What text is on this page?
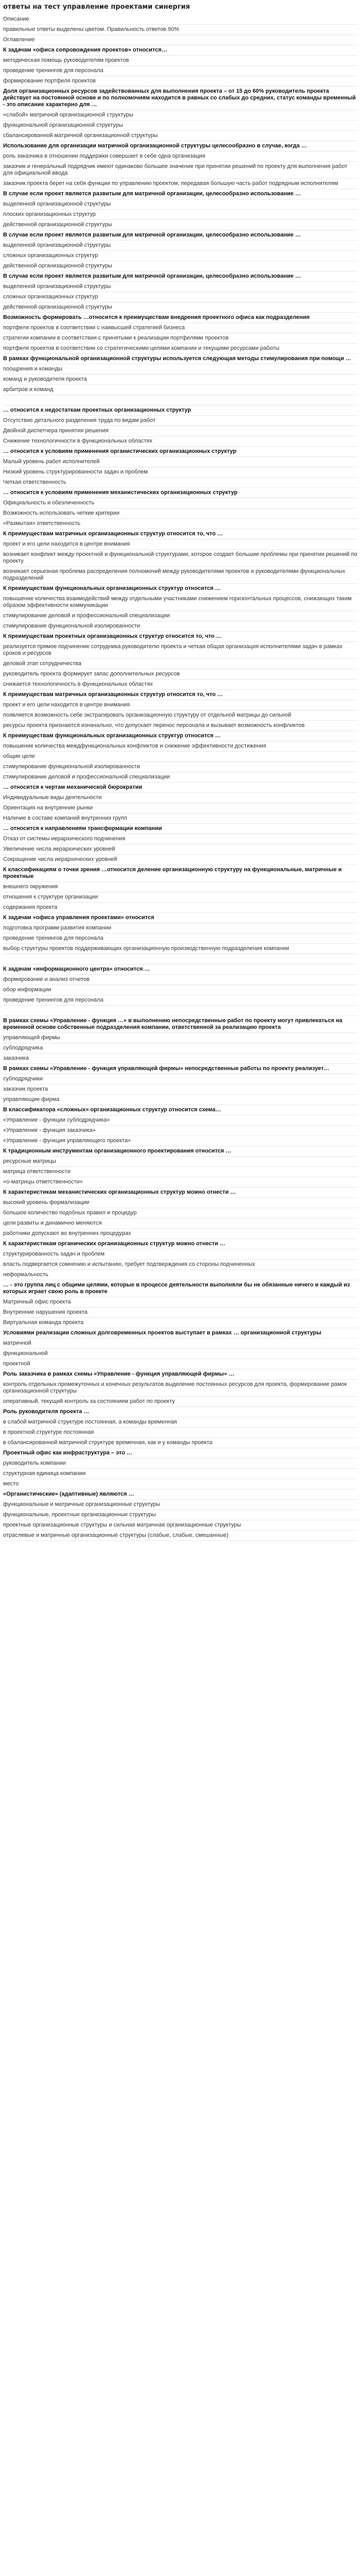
ответы на тест управление проектами синергия
Описание
правильные ответы выделены цветом. Правильность ответов 90%
Оглавление
К задачам «офиса сопровождения проектов» относится…
методическая помощь руководителям проектов
проведение тренингов для персонала
формирование портфеля проектов
Доля организационных ресурсов задействованных для выполнения проекта – от 15 до 60% руководитель проекта действует на постоянной основе и по полномочиям находится в равных со слабых до средних, статус команды временный - это описание характерно для …
«слабой» матричной организационной структуры
функциональной организационной структуры
сбалансированной матричной организационной структуры
Использование для организации матричной организационной структуры целесообразно в случае, когда …
роль заказчика в отношении поддержки совершает в себе одна организация
заказчик и генеральный подрядчик имеют одинаково большее значение при принятии решений по проекту для выполнения работ для официальной ввода
заказчик проекта берет на себя функции по управлению проектом, передавая большую часть работ подрядным исполнителям
В случае если проект является развитым для матричной организации, целесообразно использование …
выделенной организационной структуры
плоских организационных структур
действенной организационной структуры
В случае если проект является развитым для матричной организации, целесообразно использование …
выделенной организационной структуры
сложных организационных структур
действенной организационной структуры
В случае если проект является развитым для матричной организации, целесообразно использование …
выделенной организационной структуры
сложных организационных структур
действенной организационной структуры
Возможность формировать …относится к преимуществам внедрения проектного офиса как подразделения
портфеля проектов в соответствии с наивысшей стратегией бизнеса
стратегии компании в соответствии с принятыми к реализации портфелями проектов
портфеля проектов в соответствии со стратегическими целями компании и текущими ресурсами работы
В рамках функциональной организационной структуры используется следующая методы стимулирования при помощи …
поощрения и команды
команд и руководителя проекта
арбитров и команд

… относится к недостаткам проектных организационных структур
Отсутствие детального разделения труда по видам работ
Двойной диспетчера принятия решения
Снижение технологичности в функциональных областях
… относится к условиям применения органистических организационных структур
Малый уровень работ исполнителей
Низкий уровень структурированности задач и проблем
Четкая ответственность
… относится к условиям применения механистических организационных структур
Официальность и обезличенность
Возможность использовать четкие критерии
«Размытая» ответственность
К преимуществам матричных организационных структур относится то, что …
проект и его цели находится в центре внимания
возникает конфликт между проектной и функциональной структурами, которое создает большие проблемы при принятии решений по проекту
возникает серьезная проблема распределения полномочий между руководителями проектов и руководителями функциональных подразделений
К преимуществам функциональных организационных структур относится …
повышение количества взаимодействий между отдельными участниками снижением горизонтальных процессов, снижающих таким образом эффективности коммуникации
стимулирование деловой и профессиональной специализации
стимулирование функциональной изолированности
К преимуществам проектных организационных структур относится то, что …
реализуется прямое подчинение сотрудника руководителю проекта и четкая общая организация исполнителями задач в рамках сроков и ресурсов
деловой этап сотрудничества
руководитель проекта формирует запас дополнительных ресурсов
снижается технологичность в функциональных областях
К преимуществам матричных организационных структур относится то, что …
проект и его цели находится в центре внимания
появляется возможность себе экстрагировать организационную структуру от отдельной матрицы до сильной
ресурсы проекта признаются изначально, что допускает перенос персонала и вызывает возможность конфликтов
К преимуществам функциональных организационных структур относится …
повышение количества междфункциональных конфликтов и снижение эффективности достижения
общие цели
стимулирование функциональной изолированности
стимулирование деловой и профессиональной специализации
… относится к чертам механической бюрократии
Индивидуальные виды деятельности
Ориентация на внутренние рынки
Наличие в составе компаний внутренних групп
… относится к направлениям трансформации компании
Отказ от системы иерархического подчинения
Увеличение числа иерархических уровней
Сокращение числа иерархических уровней
К классификациям о точки зрения …относится деление организационную структуру на функциональные, матричные и проектные
внешнего окружения
отношения к структуре организации
содержания проекта
К задачам «офиса управления проектами» относится
подготовка программ развития компании
проведение тренингов для персонала
выбор структуры проектов поддерживающих организационную производственную подразделения компании

К задачам «информационного центра» относится …
формирование и анализ отчетов
обор информации
проведение тренингов для персонала

В рамках схемы «Управление - функция …» в выполнению непосредственные работ по проекту могут привлекаться на временной основе собственные подразделения компании, ответственной за реализацию проекта
управляющей фирмы
субподрядчика
заказчика
В рамках схемы «Управление - функция управляющей фирмы» непосредственные работы по проекту реализует…
субподрядчики
заказчик проекта
управляющие фирма
В классификатора «сложных» организационных структур относится схема…
«Управление - функции субподрядчика»
«Управление - функция заказчика»
«Управление - функция управляющего проекта»
К традиционным инструментам организационного проектирования относится …
ресурсные матрицы
матрица ответственности
«о-матрицы ответственности»
К характеристикам механистических организационных структур можно отнести …
высокий уровень формализации
большое количество подобных правил и процедур
цели развиты и динамично меняются
работники допускают во внутренних процедурах
К характеристикам органических организационных структур можно отнести …
структурированность задач и проблем
власть подвергается сомнению и испытанию, требует подтверждения со стороны подчиненных
неформальность
… - это группа лиц с общими целями, которые в процессе деятельности выполняли бы не обязанные ничего и каждый из которых играет свою роль в проекте
Матричный офис проекта
Внутренние нарушения проекта
Виртуальная команда проекта
Условиями реализации сложных долговременных проектов выступает в рамках … организационной структуры
матричной
функциональной
проектной
Роль заказчика в рамках схемы «Управление - функция управляющей фирмы» …
контроль отдельных промежуточных и конечных результатов выделение постоянных ресурсов для проекта, формирование рамок организационной структуры
оперативный, текущий контроль за состоянием работ по проекту
Роль руководителя проекта …
в слабой матричной структуре постоянная, а команды временная
в проектной структуре постоянная
в сбалансированной матричной структуре временная, как и у команды проекта
Проектный офис как инфраструктура – это …
руководитель компании
структурная единица компании
место
«Органистические» (адаптивные) являются …
функциональные и матричные организационные структуры
функциональные, проектные организационные структуры
проектные организационные структуры и сильная матричная организационные структуры
отраслевые и матричные организационные структуры (слабые, слабые, смешанные)
